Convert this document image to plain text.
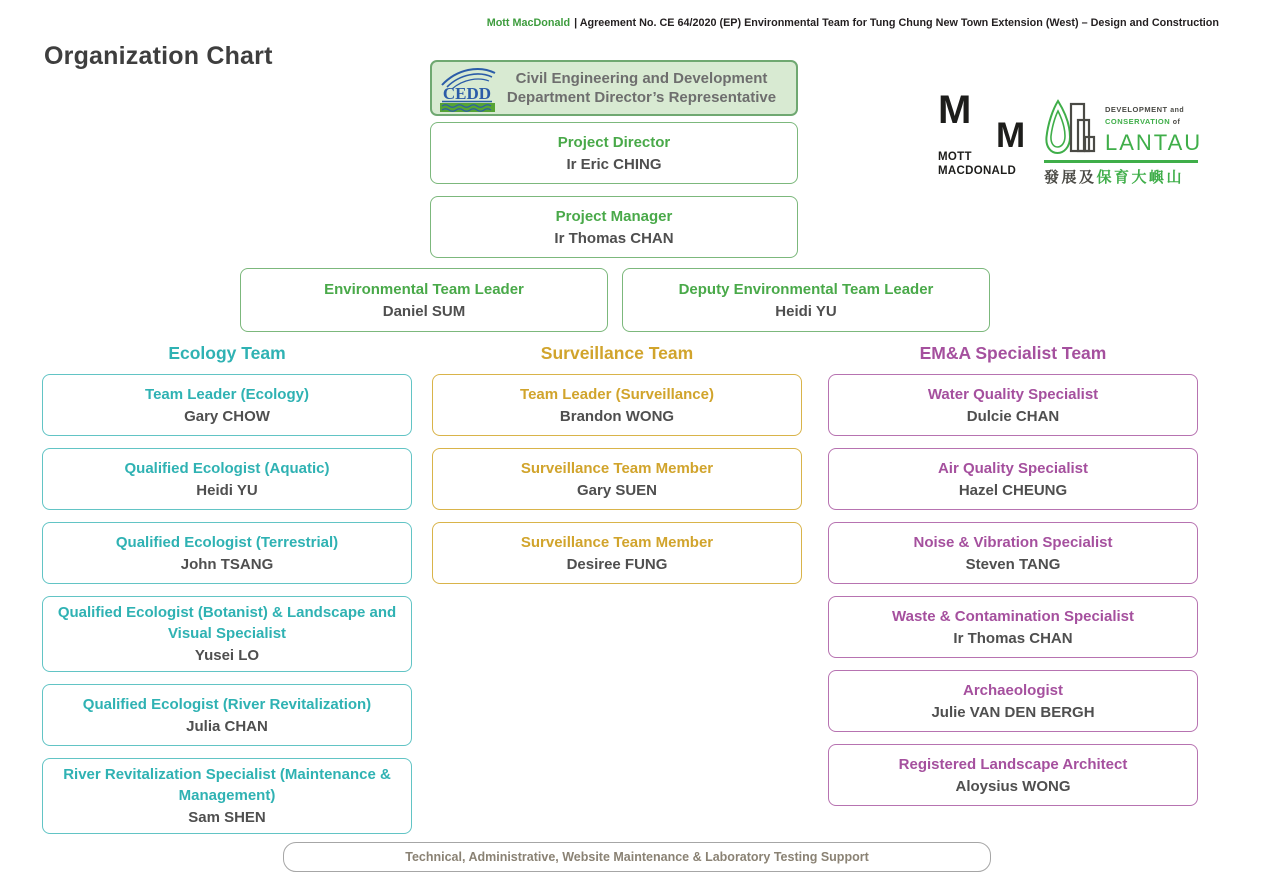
Mott MacDonald | Agreement No. CE 64/2020 (EP) Environmental Team for Tung Chung New Town Extension (West) – Design and Construction
Organization Chart
CEDD
Civil Engineering and Development Department Director’s Representative
Project Director
Ir Eric CHING
Project Manager
Ir Thomas CHAN
Environmental Team Leader
Daniel SUM
Deputy Environmental Team Leader
Heidi YU
Ecology Team
Team Leader (Ecology)
Gary CHOW
Qualified Ecologist (Aquatic)
Heidi YU
Qualified Ecologist (Terrestrial)
John TSANG
Qualified Ecologist (Botanist) & Landscape and Visual Specialist
Yusei LO
Qualified Ecologist (River Revitalization)
Julia CHAN
River Revitalization Specialist (Maintenance & Management)
Sam SHEN
Surveillance Team
Team Leader (Surveillance)
Brandon WONG
Surveillance Team Member
Gary SUEN
Surveillance Team Member
Desiree FUNG
EM&A Specialist Team
Water Quality Specialist
Dulcie CHAN
Air Quality Specialist
Hazel CHEUNG
Noise & Vibration Specialist
Steven TANG
Waste & Contamination Specialist
Ir Thomas CHAN
Archaeologist
Julie VAN DEN BERGH
Registered Landscape Architect
Aloysius WONG
Technical, Administrative, Website Maintenance & Laboratory Testing Support
M
M
MOTT
MACDONALD
DEVELOPMENT and
CONSERVATION of
LANTAU
發展及保育大嶼山
